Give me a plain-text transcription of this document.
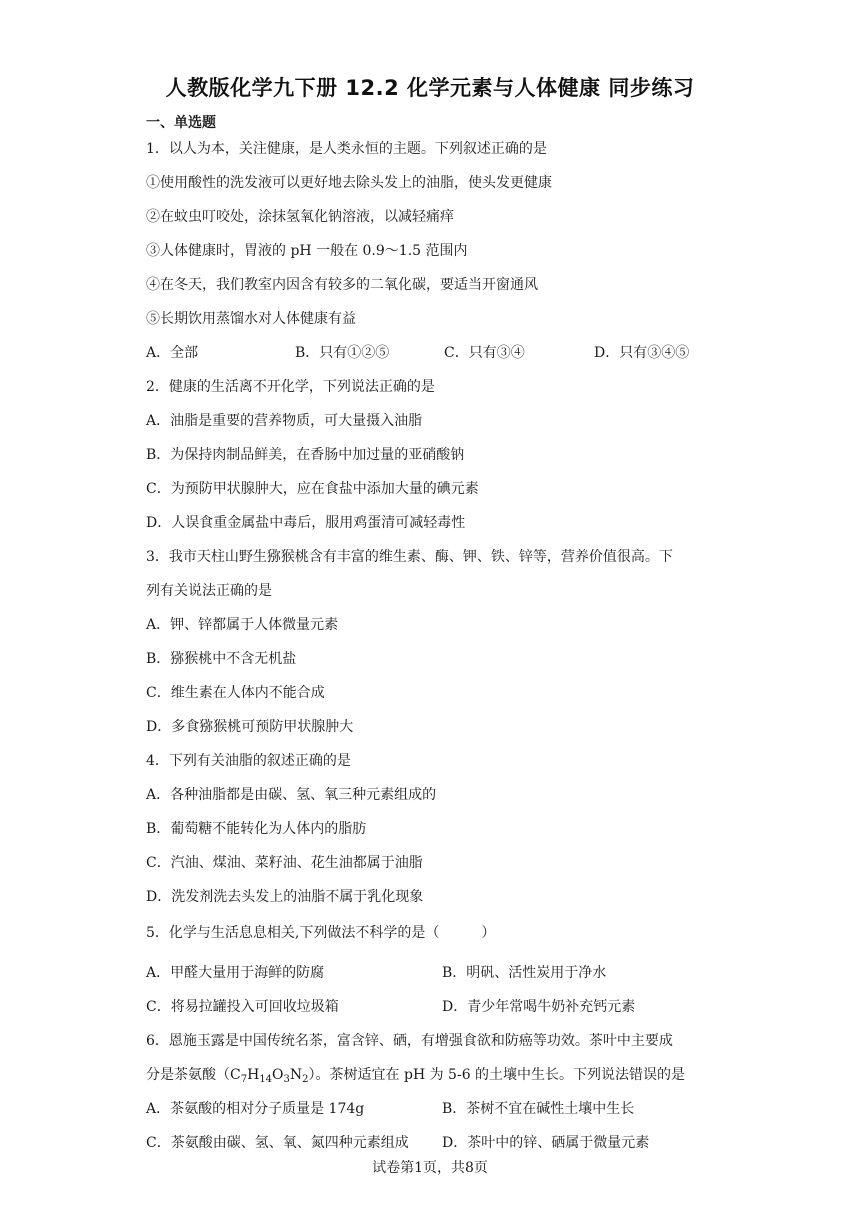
人教版化学九下册 12.2 化学元素与人体健康 同步练习
一、单选题
1．以人为本，关注健康，是人类永恒的主题。下列叙述正确的是
①使用酸性的洗发液可以更好地去除头发上的油脂，使头发更健康
②在蚊虫叮咬处，涂抹氢氧化钠溶液，以减轻痛痒
③人体健康时，胃液的 pH 一般在 0.9～1.5 范围内
④在冬天，我们教室内因含有较多的二氧化碳，要适当开窗通风
⑤长期饮用蒸馏水对人体健康有益
A．全部	B．只有①②⑤	C．只有③④	D．只有③④⑤
2．健康的生活离不开化学，下列说法正确的是
A．油脂是重要的营养物质，可大量摄入油脂
B．为保持肉制品鲜美，在香肠中加过量的亚硝酸钠
C．为预防甲状腺肿大，应在食盐中添加大量的碘元素
D．人误食重金属盐中毒后，服用鸡蛋清可减轻毒性
3．我市天柱山野生猕猴桃含有丰富的维生素、酶、钾、铁、锌等，营养价值很高。下
列有关说法正确的是
A．钾、锌都属于人体微量元素
B．猕猴桃中不含无机盐
C．维生素在人体内不能合成
D．多食猕猴桃可预防甲状腺肿大
4．下列有关油脂的叙述正确的是
A．各种油脂都是由碳、氢、氧三种元素组成的
B．葡萄糖不能转化为人体内的脂肪
C．汽油、煤油、菜籽油、花生油都属于油脂
D．洗发剂洗去头发上的油脂不属于乳化现象
5．化学与生活息息相关,下列做法不科学的是（　　　）
A．甲醛大量用于海鲜的防腐	B．明矾、活性炭用于净水
C．将易拉罐投入可回收垃圾箱	D．青少年常喝牛奶补充钙元素
6．恩施玉露是中国传统名茶，富含锌、硒，有增强食欲和防癌等功效。茶叶中主要成
分是茶氨酸$(C_7H_{14}O_3N_2)$。茶树适宜在 pH 为 5-6 的土壤中生长。下列说法错误的是
A．茶氨酸的相对分子质量是 174g	B．茶树不宜在碱性土壤中生长
C．茶氨酸由碳、氢、氧、氮四种元素组成 D．茶叶中的锌、硒属于微量元素
试卷第1页，共8页
